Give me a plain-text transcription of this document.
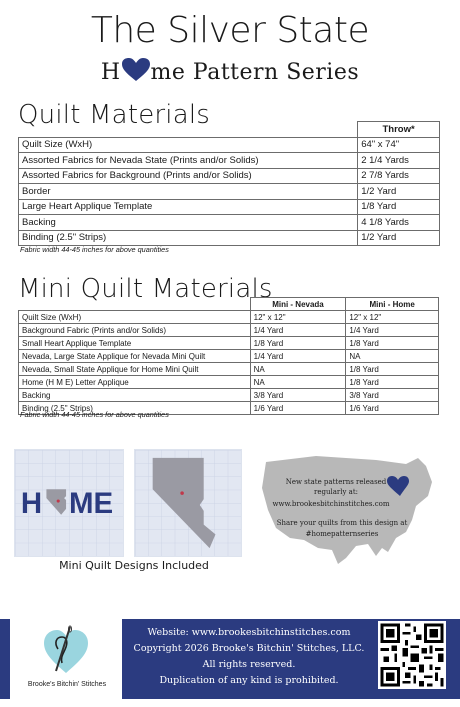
The Silver State
H me Pattern Series
Quilt Materials
		Throw*
Quilt Size (WxH)	64" x 74"
Assorted Fabrics for Nevada State (Prints and/or Solids)	2 1/4 Yards
Assorted Fabrics for Background (Prints and/or Solids)	2 7/8 Yards
Border	1/2 Yard
Large Heart Applique Template	1/8 Yard
Backing	4 1/8 Yards
Binding (2.5" Strips)	1/2 Yard
Fabric width 44-45 inches for above quantities
Mini Quilt Materials
	Mini - Nevada	Mini - Home
Quilt Size (WxH)	12" x 12"	12" x 12"
Background Fabric (Prints and/or Solids)	1/4 Yard	1/4 Yard
Small Heart Applique Template	1/8 Yard	1/8 Yard
Nevada, Large State Applique for Nevada Mini Quilt	1/4 Yard	NA
Nevada, Small State Applique for Home Mini Quilt	NA	1/8 Yard
Home (H M E) Letter Applique	NA	1/8 Yard
Backing	3/8 Yard	3/8 Yard
Binding (2.5" Strips)	1/6 Yard	1/6 Yard
Fabric width 44-45 inches for above quantities
H ME
Mini Quilt Designs Included
New state patterns released
regularly at:
www.brookesbitchinstitches.com
Share your quilts from this design at
#homepatternseries
Website: www.brookesbitchinstitches.com
Copyright 2026 Brooke's Bitchin' Stitches, LLC.
All rights reserved.
Duplication of any kind is prohibited.
Brooke's Bitchin' Stitches
